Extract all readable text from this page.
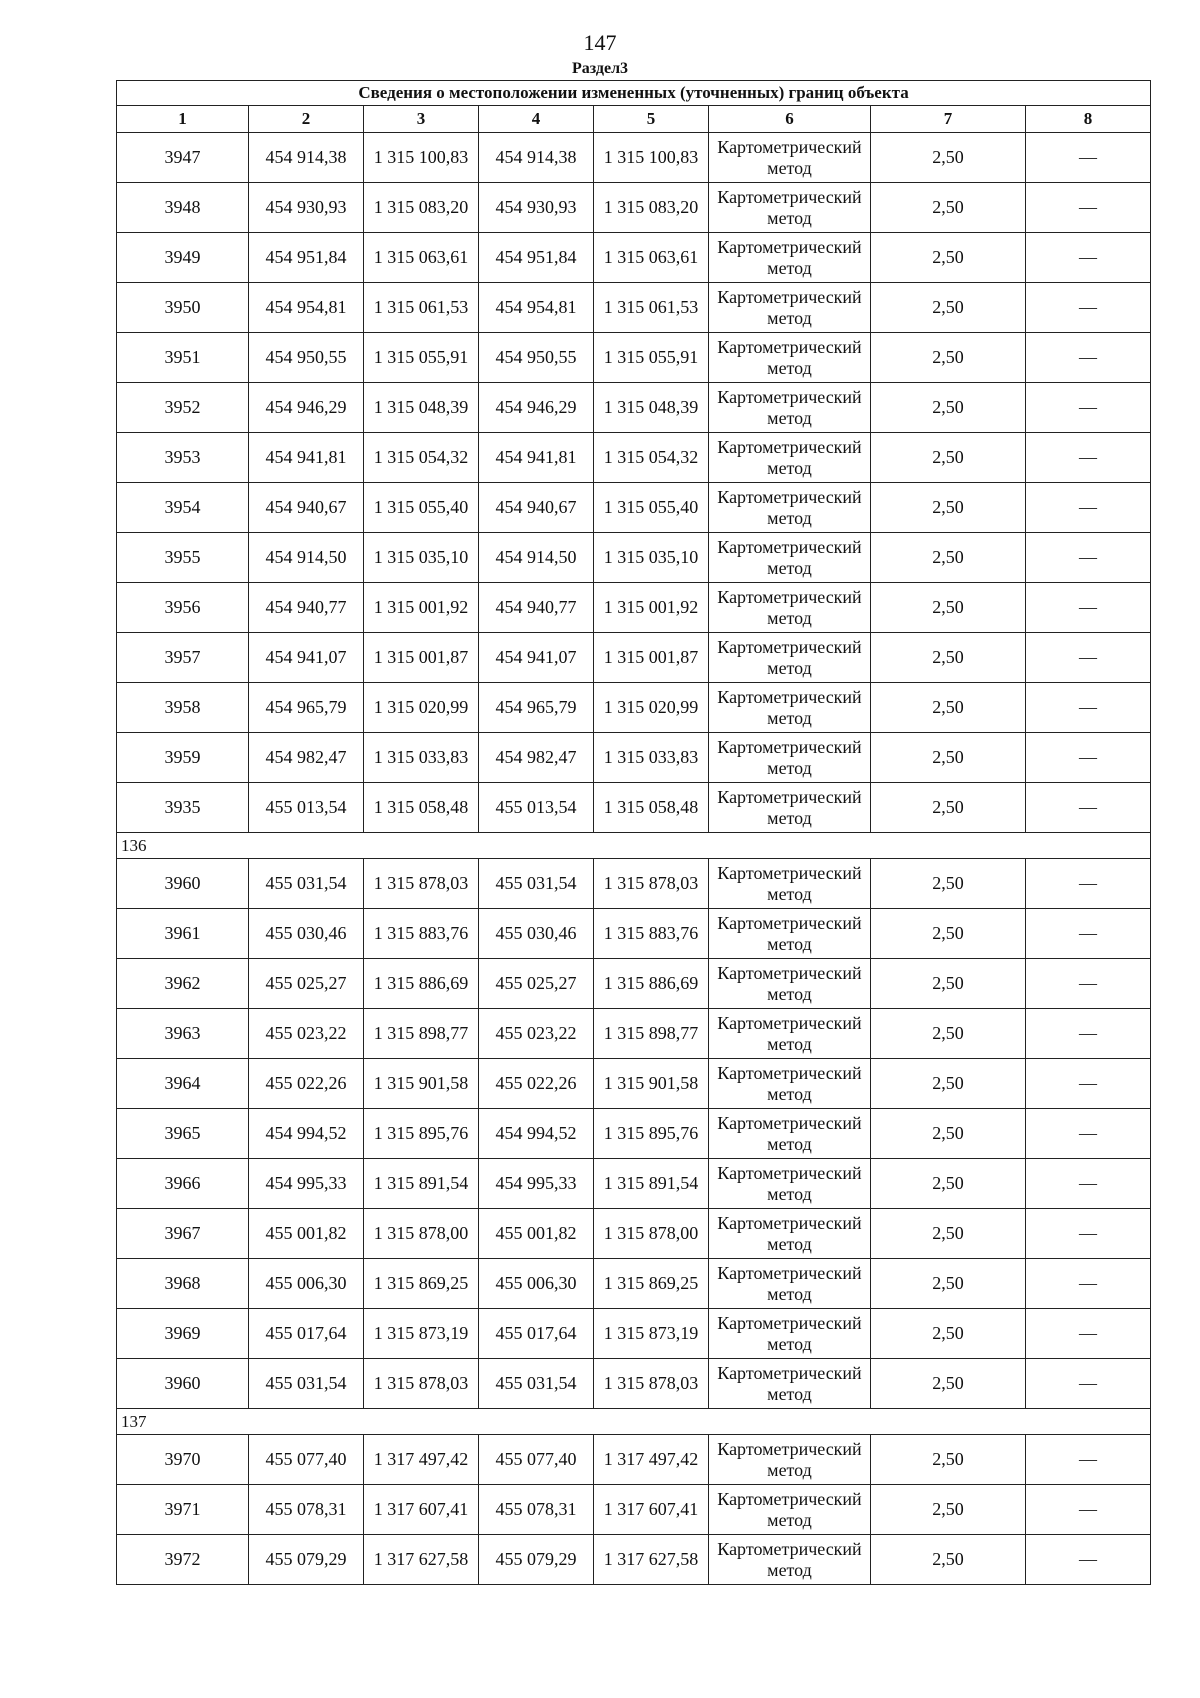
147
Раздел3
Сведения о местоположении измененных (уточненных) границ объекта							
1	2	3	4	5	6	7	8
3947	454 914,38	1 315 100,83	454 914,38	1 315 100,83	Картометрический метод	2,50	—
3948	454 930,93	1 315 083,20	454 930,93	1 315 083,20	Картометрический метод	2,50	—
3949	454 951,84	1 315 063,61	454 951,84	1 315 063,61	Картометрический метод	2,50	—
3950	454 954,81	1 315 061,53	454 954,81	1 315 061,53	Картометрический метод	2,50	—
3951	454 950,55	1 315 055,91	454 950,55	1 315 055,91	Картометрический метод	2,50	—
3952	454 946,29	1 315 048,39	454 946,29	1 315 048,39	Картометрический метод	2,50	—
3953	454 941,81	1 315 054,32	454 941,81	1 315 054,32	Картометрический метод	2,50	—
3954	454 940,67	1 315 055,40	454 940,67	1 315 055,40	Картометрический метод	2,50	—
3955	454 914,50	1 315 035,10	454 914,50	1 315 035,10	Картометрический метод	2,50	—
3956	454 940,77	1 315 001,92	454 940,77	1 315 001,92	Картометрический метод	2,50	—
3957	454 941,07	1 315 001,87	454 941,07	1 315 001,87	Картометрический метод	2,50	—
3958	454 965,79	1 315 020,99	454 965,79	1 315 020,99	Картометрический метод	2,50	—
3959	454 982,47	1 315 033,83	454 982,47	1 315 033,83	Картометрический метод	2,50	—
3935	455 013,54	1 315 058,48	455 013,54	1 315 058,48	Картометрический метод	2,50	—
136							
3960	455 031,54	1 315 878,03	455 031,54	1 315 878,03	Картометрический метод	2,50	—
3961	455 030,46	1 315 883,76	455 030,46	1 315 883,76	Картометрический метод	2,50	—
3962	455 025,27	1 315 886,69	455 025,27	1 315 886,69	Картометрический метод	2,50	—
3963	455 023,22	1 315 898,77	455 023,22	1 315 898,77	Картометрический метод	2,50	—
3964	455 022,26	1 315 901,58	455 022,26	1 315 901,58	Картометрический метод	2,50	—
3965	454 994,52	1 315 895,76	454 994,52	1 315 895,76	Картометрический метод	2,50	—
3966	454 995,33	1 315 891,54	454 995,33	1 315 891,54	Картометрический метод	2,50	—
3967	455 001,82	1 315 878,00	455 001,82	1 315 878,00	Картометрический метод	2,50	—
3968	455 006,30	1 315 869,25	455 006,30	1 315 869,25	Картометрический метод	2,50	—
3969	455 017,64	1 315 873,19	455 017,64	1 315 873,19	Картометрический метод	2,50	—
3960	455 031,54	1 315 878,03	455 031,54	1 315 878,03	Картометрический метод	2,50	—
137							
3970	455 077,40	1 317 497,42	455 077,40	1 317 497,42	Картометрический метод	2,50	—
3971	455 078,31	1 317 607,41	455 078,31	1 317 607,41	Картометрический метод	2,50	—
3972	455 079,29	1 317 627,58	455 079,29	1 317 627,58	Картометрический метод	2,50	—
